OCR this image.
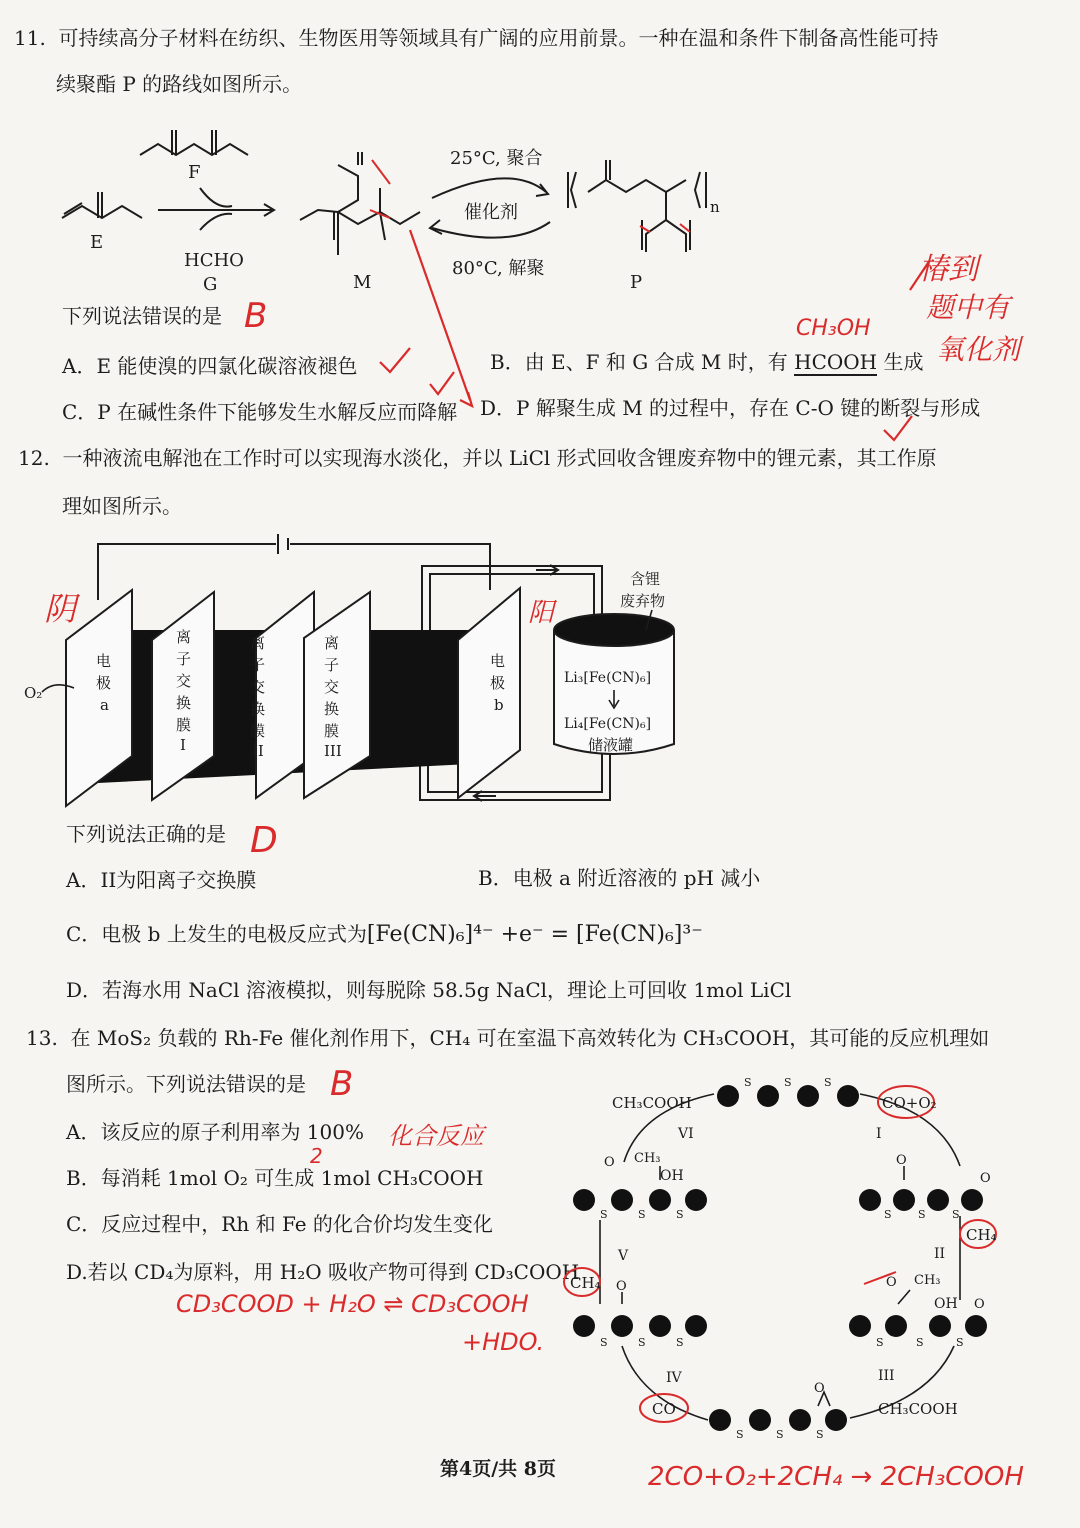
11. 可持续高分子材料在纺织、生物医用等领域具有广阔的应用前景。一种在温和条件下制备高性能可持
续聚酯 P 的路线如图所示。
E
F
HCHO
G	M
25°C, 聚合
催化剂
80°C, 解聚
P
n
B	CH₃OH
椿到
题中有
氧化剂
下列说法错误的是
A．E 能使溴的四氯化碳溶液褪色	B．由 E、F 和 G 合成 M 时，有 HCOOH 生成
C．P 在碱性条件下能够发生水解反应而降解 D．P 解聚生成 M 的过程中，存在 C-O 键的断裂与形成
12. 一种液流电解池在工作时可以实现海水淡化，并以 LiCl 形式回收含锂废弃物中的锂元素，其工作原
理如图所示。
O₂
电
极
a
离
子
交
换
膜
I
离
子
交
换
膜
II
离
子
交
换
膜
III
电
极
b
含锂
废弃物
Li₃[Fe(CN)₆]
Li₄[Fe(CN)₆]
储液罐
阴	阳
下列说法正确的是 D
A．II为阳离子交换膜	B．电极 a 附近溶液的 pH 减小
C．电极 b 上发生的电极反应式为[Fe(CN)₆]⁴⁻ +e⁻ = [Fe(CN)₆]³⁻
D．若海水用 NaCl 溶液模拟，则每脱除 58.5g NaCl，理论上可回收 1mol LiCl
13. 在 MoS₂ 负载的 Rh-Fe 催化剂作用下，CH₄ 可在室温下高效转化为 CH₃COOH，其可能的反应机理如
图所示。下列说法错误的是 B
A．该反应的原子利用率为 100% 化合反应
B．每消耗 1mol O₂ 可生成 1mol CH₃COOH
2
C．反应过程中，Rh 和 Fe 的化合价均发生变化
D.若以 CD₄为原料，用 H₂O 吸收产物可得到 CD₃COOH
CD₃COOD + H₂O ⇌ CD₃COOH
+HDO.
CH₃COOH	CO+O₂
CH₄
CH₄
CO	CH₃COOH
OH
OH
CH₃
CH₃
O	O
O
O
O
O
O
S	S	S
S S S
S	S	S
S	S	S
S	S	S
S	S	S
I
II
III
IV
V
VI
第4页/共 8页	2CO+O₂+2CH₄ → 2CH₃COOH
